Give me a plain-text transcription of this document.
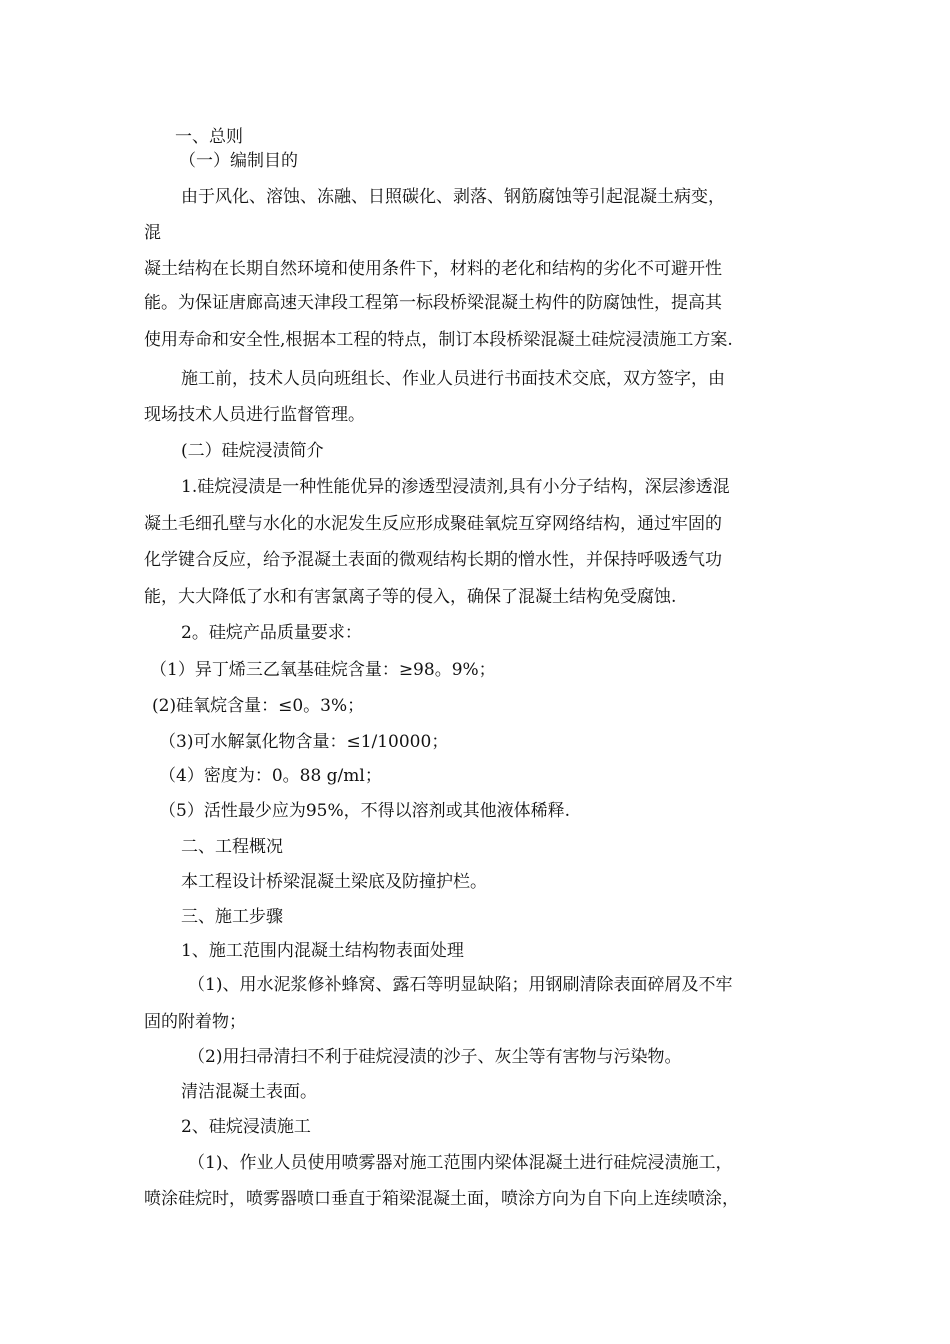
一、总则
（一）编制目的
由于风化、溶蚀、冻融、日照碳化、剥落、钢筋腐蚀等引起混凝土病变，
混
凝土结构在长期自然环境和使用条件下，材料的老化和结构的劣化不可避开性
能。为保证唐廊高速天津段工程第一标段桥梁混凝土构件的防腐蚀性，提高其
使用寿命和安全性,根据本工程的特点，制订本段桥梁混凝土硅烷浸渍施工方案.
施工前，技术人员向班组长、作业人员进行书面技术交底，双方签字，由
现场技术人员进行监督管理。
(二）硅烷浸渍简介
1.硅烷浸渍是一种性能优异的渗透型浸渍剂,具有小分子结构，深层渗透混
凝土毛细孔壁与水化的水泥发生反应形成聚硅氧烷互穿网络结构，通过牢固的
化学键合反应，给予混凝土表面的微观结构长期的憎水性，并保持呼吸透气功
能，大大降低了水和有害氯离子等的侵入，确保了混凝土结构免受腐蚀.
2。硅烷产品质量要求：
（1）异丁烯三乙氧基硅烷含量：≥98。9%；
(2)硅氧烷含量：≤0。3%；
（3)可水解氯化物含量：≤1/10000；
（4）密度为：0。88 g/ml；
（5）活性最少应为95%，不得以溶剂或其他液体稀释.
二、工程概况
本工程设计桥梁混凝土梁底及防撞护栏。
三、施工步骤
1、施工范围内混凝土结构物表面处理
（1)、用水泥浆修补蜂窝、露石等明显缺陷；用钢刷清除表面碎屑及不牢
固的附着物；
（2)用扫帚清扫不利于硅烷浸渍的沙子、灰尘等有害物与污染物。
清洁混凝土表面。
2、硅烷浸渍施工
（1)、作业人员使用喷雾器对施工范围内梁体混凝土进行硅烷浸渍施工，
喷涂硅烷时，喷雾器喷口垂直于箱梁混凝土面，喷涂方向为自下向上连续喷涂，
